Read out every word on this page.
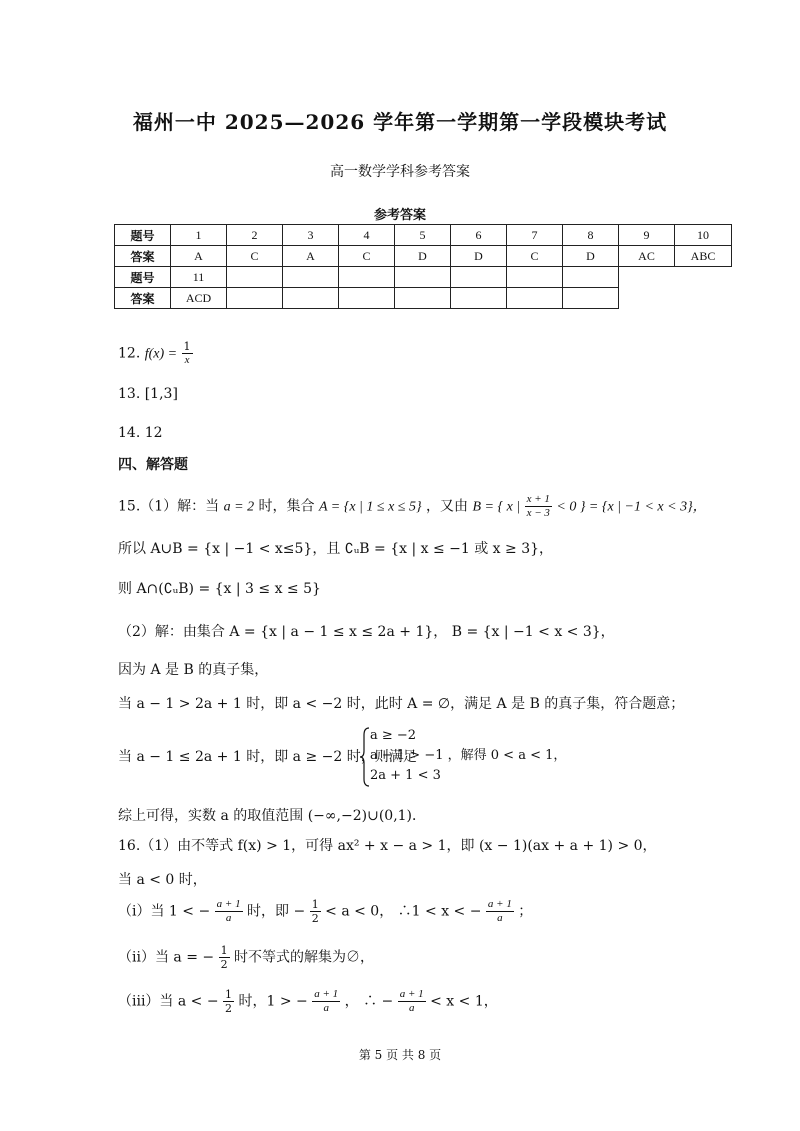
福州一中 2025—2026 学年第一学期第一学段模块考试
高一数学学科参考答案
参考答案
题号	1	2	3	4	5	6	7	8	9	10
答案	A	C	A	C	D	D	C	D	AC	ABC
题号	11									
答案	ACD									
12. $f(x) = \frac{1}{x}$
13. [1,3]
14. 12
四、解答题
15.（1）解：当 a = 2 时，集合 A = {x | 1 ≤ x ≤ 5} ，又由 B = { x | $\frac{x + 1}{x - 3} < 0$ } = {x | −1 < x < 3}，
所以 A∪B = {x | −1 < x≤5}，且 ∁ᵤB = {x | x ≤ −1 或 x ≥ 3}，
则 A∩(∁ᵤB) = {x | 3 ≤ x ≤ 5}
（2）解：由集合 A = {x | a − 1 ≤ x ≤ 2a + 1}， B = {x | −1 < x < 3}，
因为 A 是 B 的真子集，
当 a − 1 > 2a + 1 时，即 a < −2 时，此时 A = ∅，满足 A 是 B 的真子集，符合题意；
当 a − 1 ≤ 2a + 1 时，即 a ≥ −2 时，则满足
a ≥ −2
a − 1 > −1 ，解得 0 < a < 1，
2a + 1 < 3
综上可得，实数 a 的取值范围 (−∞,−2)∪(0,1)．
16.（1）由不等式 f(x) > 1，可得 ax² + x − a > 1，即 (x − 1)(ax + a + 1) > 0，
当 a < 0 时，
（i）当 1 < − $\frac{a + 1}{a}$ 时，即 − $\frac{1}{2} < a < 0$， ∴1 < x < − $\frac{a + 1}{a}$ ；
（ii）当 a = − $\frac{1}{2}$ 时不等式的解集为∅，
（iii）当 a < − $\frac{1}{2}$ 时，1 > − $\frac{a + 1}{a}$ ， ∴ − $\frac{a + 1}{a} < x < 1$，
第 5 页 共 8 页
